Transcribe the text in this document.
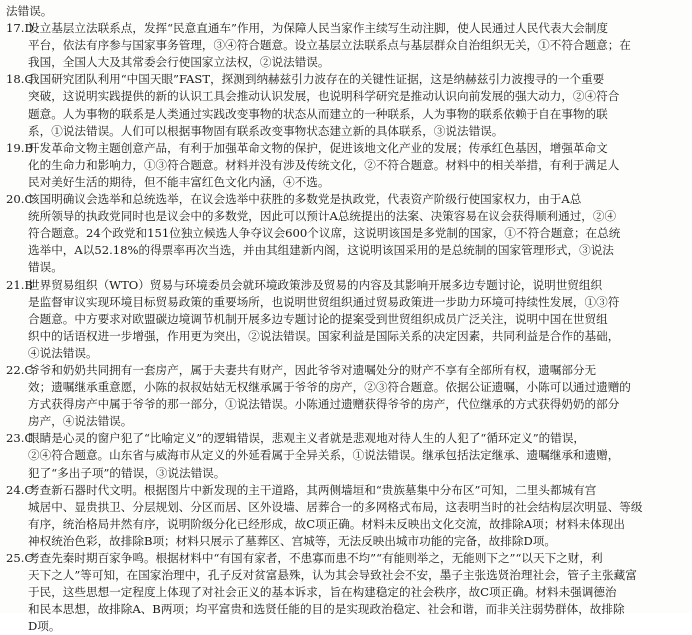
法错误。
17.D设立基层立法联系点，发挥“民意直通车”作用，为保障人民当家作主续写生动注脚，使人民通过人民代表大会制度
平台，依法有序参与国家事务管理，③④符合题意。设立基层立法联系点与基层群众自治组织无关，①不符合题意；在
我国，全国人大及其常委会行使国家立法权，②说法错误。
18.C我国研究团队利用“中国天眼”FAST，探测到纳赫兹引力波存在的关键性证据，这是纳赫兹引力波搜寻的一个重要
突破，这说明实践提供的新的认识工具会推动认识发展，也说明科学研究是推动认识向前发展的强大动力，②④符合
题意。人为事物的联系是人类通过实践改变事物的状态从而建立的一种联系，人为事物的联系依赖于自在事物的联
系，①说法错误。人们可以根据事物固有联系改变事物状态建立新的具体联系，③说法错误。
19.B开发革命文物主题创意产品，有利于加强革命文物的保护，促进该地文化产业的发展；传承红色基因，增强革命文
化的生命力和影响力，①③符合题意。材料并没有涉及传统文化，②不符合题意。材料中的相关举措，有利于满足人
民对美好生活的期待，但不能丰富红色文化内涵，④不选。
20.C该国明确议会选举和总统选举，在议会选举中获胜的多数党是执政党，代表资产阶级行使国家权力，由于A总
统所领导的执政党同时也是议会中的多数党，因此可以预计A总统提出的法案、决策容易在议会获得顺利通过，②④
符合题意。24个政党和151位独立候选人争夺议会600个议席，这说明该国是多党制的国家，①不符合题意；在总统
选举中，A以52.18%的得票率再次当选，并由其组建新内阁，这说明该国采用的是总统制的国家管理形式，③说法
错误。
21.B世界贸易组织（WTO）贸易与环境委员会就环境政策涉及贸易的内容及其影响开展多边专题讨论，说明世贸组织
是监督审议实现环境目标贸易政策的重要场所，也说明世贸组织通过贸易政策进一步助力环境可持续性发展，①③符
合题意。中方要求对欧盟碳边境调节机制开展多边专题讨论的提案受到世贸组织成员广泛关注，说明中国在世贸组
织中的话语权进一步增强，作用更为突出，②说法错误。国家利益是国际关系的决定因素，共同利益是合作的基础，
④说法错误。
22.C爷爷和奶奶共同拥有一套房产，属于夫妻共有财产，因此爷爷对遗嘱处分的财产不享有全部所有权，遗嘱部分无
效；遗嘱继承重意愿，小陈的叔叔姑姑无权继承属于爷爷的房产，②③符合题意。依据公证遗嘱，小陈可以通过遗赠的
方式获得房产中属于爷爷的那一部分，①说法错误。小陈通过遗赠获得爷爷的房产，代位继承的方式获得奶奶的部分
房产，④说法错误。
23.C眼睛是心灵的窗户犯了“比喻定义”的逻辑错误，悲观主义者就是悲观地对待人生的人犯了“循环定义”的错误，
②④符合题意。山东省与威海市从定义的外延看属于全异关系，①说法错误。继承包括法定继承、遗嘱继承和遗赠，
犯了“多出子项”的错误，③说法错误。
24.C考查新石器时代文明。根据图片中新发现的主干道路，其两侧墙垣和“贵族墓集中分布区”可知，二里头都城有宫
城居中、显贵拱卫、分层规划、分区而居、区外设墙、居葬合一的多网格式布局，这表明当时的社会结构层次明显、等级
有序，统治格局井然有序，说明阶级分化已经形成，故C项正确。材料未反映出文化交流，故排除A项；材料未体现出
神权统治色彩，故排除B项；材料只展示了墓葬区、宫城等，无法反映出城市功能的完备，故排除D项。
25.C考查先秦时期百家争鸣。根据材料中“有国有家者，不患寡而患不均”“有能则举之，无能则下之”“以天下之财，利
天下之人”等可知，在国家治理中，孔子反对贫富悬殊，认为其会导致社会不安，墨子主张选贤治理社会，管子主张藏富
于民，这些思想一定程度上体现了对社会正义的基本诉求，旨在构建稳定的社会秩序，故C项正确。材料未强调德治
和民本思想，故排除A、B两项；均平富贵和选贤任能的目的是实现政治稳定、社会和谐，而非关注弱势群体，故排除
D项。
